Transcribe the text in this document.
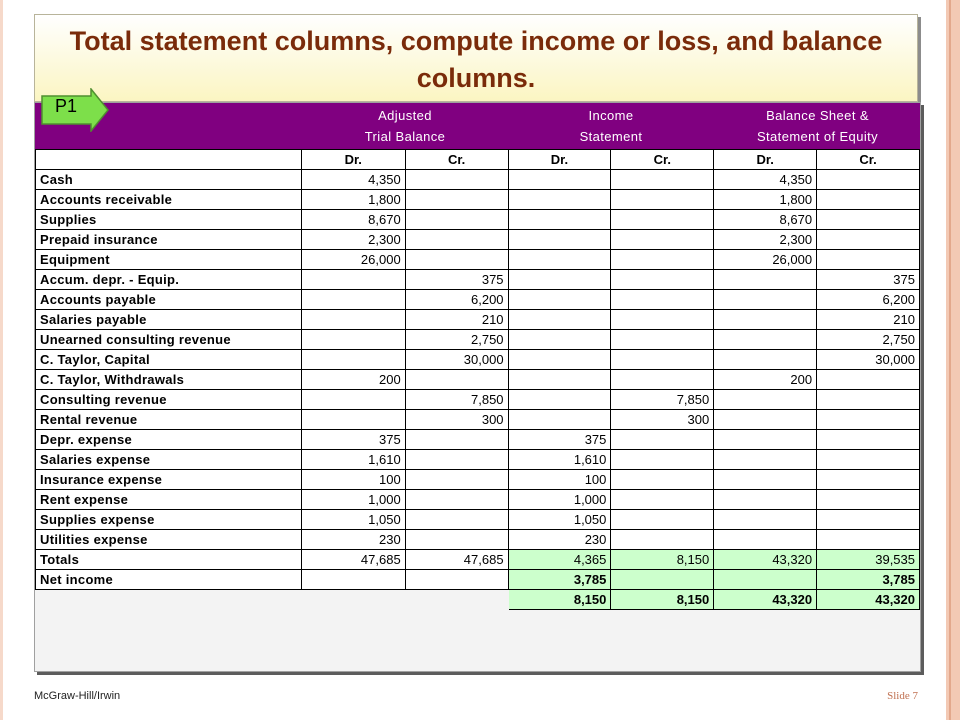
Total statement columns, compute income or loss, and balance columns.
Adjusted
Trial Balance
Income
Statement
Balance Sheet &
Statement of Equity
	Dr.	Cr.	Dr.	Cr.	Dr.	Cr.
Cash	4,350				4,350	
Accounts receivable	1,800				1,800	
Supplies	8,670				8,670	
Prepaid insurance	2,300				2,300	
Equipment	26,000				26,000	
Accum. depr. - Equip.		375				375
Accounts payable		6,200				6,200
Salaries payable		210				210
Unearned consulting revenue		2,750				2,750
C. Taylor, Capital		30,000				30,000
C. Taylor, Withdrawals	200				200	
Consulting revenue		7,850		7,850		
Rental revenue		300		300		
Depr. expense	375		375			
Salaries expense	1,610		1,610			
Insurance expense	100		100			
Rent expense	1,000		1,000			
Supplies expense	1,050		1,050			
Utilities expense	230		230			
Totals	47,685	47,685	4,365	8,150	43,320	39,535
Net income			3,785			3,785
			8,150	8,150	43,320	43,320
P1
McGraw-Hill/Irwin	Slide 7
